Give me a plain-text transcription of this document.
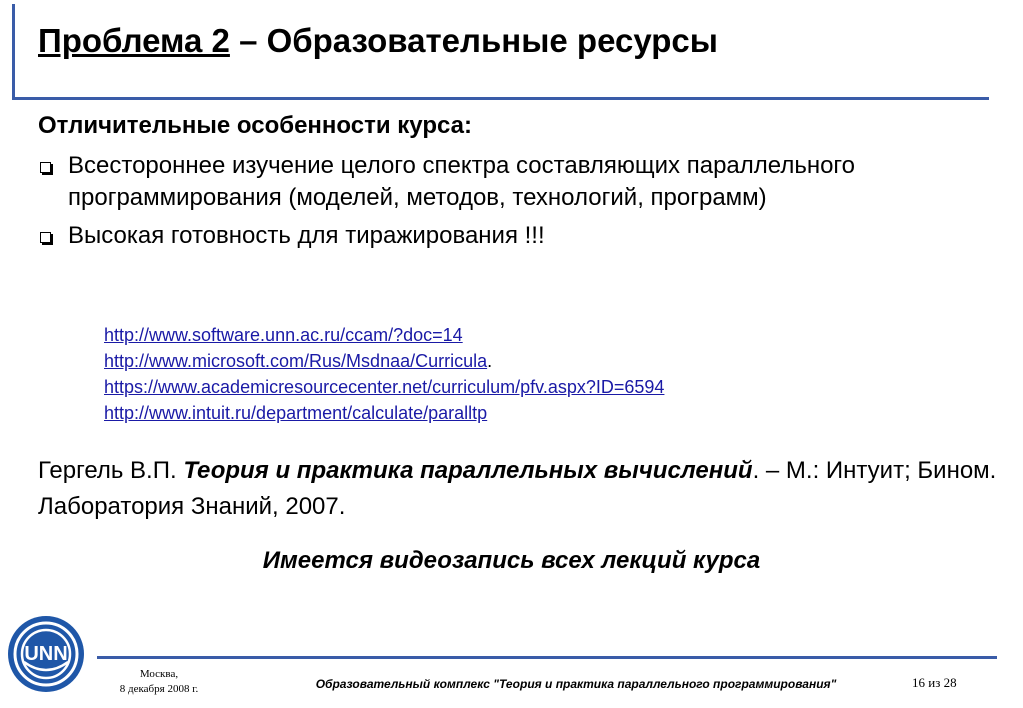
Проблема 2 – Образовательные ресурсы
Отличительные особенности курса:
Всестороннее изучение целого спектра составляющих параллельного программирования (моделей, методов, технологий, программ)
Высокая готовность для тиражирования !!!
http://www.software.unn.ac.ru/ccam/?doc=14
http://www.microsoft.com/Rus/Msdnaa/Curricula.
https://www.academicresourcecenter.net/curriculum/pfv.aspx?ID=6594
http://www.intuit.ru/department/calculate/paralltp
Гергель В.П. Теория и практика параллельных вычислений. – М.: Интуит; Бином. Лаборатория Знаний, 2007.
Имеется видеозапись всех лекций курса
UNN
Москва,
8 декабря 2008 г.	Образовательный комплекс "Теория и практика параллельного программирования"	16 из 28
